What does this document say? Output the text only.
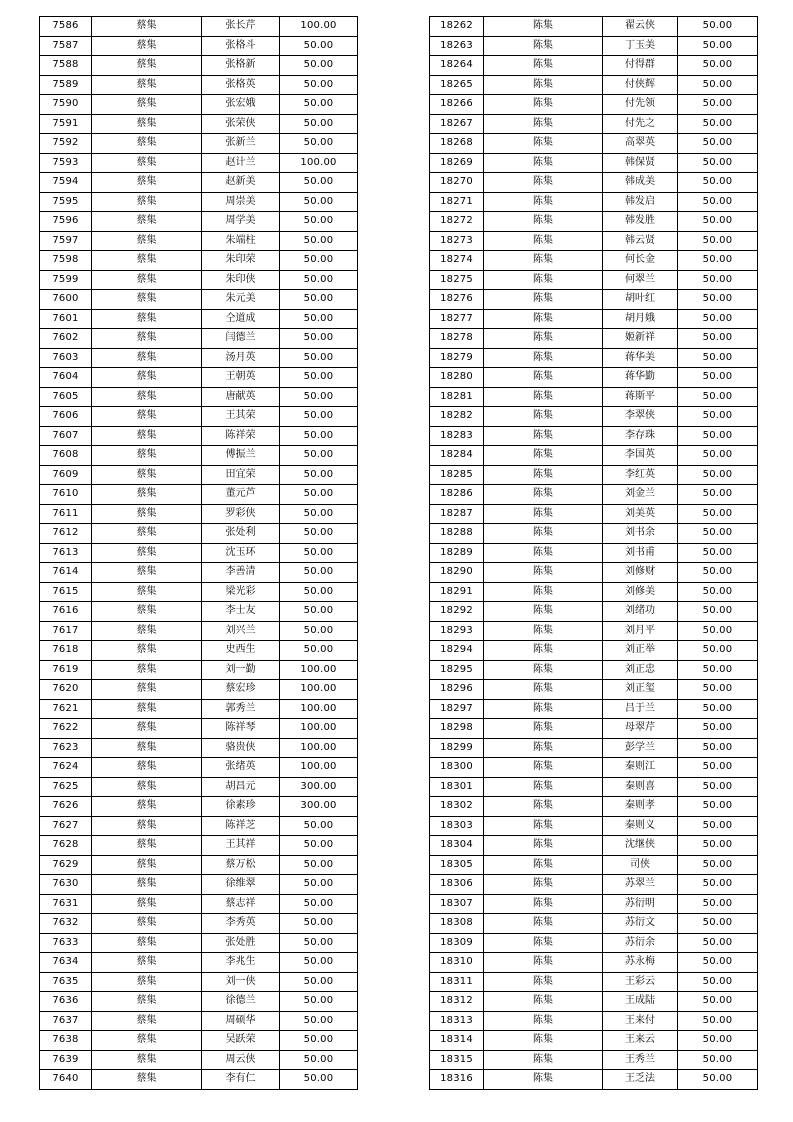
7586	蔡集	张长芹	100.00
7587	蔡集	张格斗	50.00
7588	蔡集	张格新	50.00
7589	蔡集	张格英	50.00
7590	蔡集	张宏娥	50.00
7591	蔡集	张荣侠	50.00
7592	蔡集	张新兰	50.00
7593	蔡集	赵计兰	100.00
7594	蔡集	赵新美	50.00
7595	蔡集	周崇美	50.00
7596	蔡集	周学美	50.00
7597	蔡集	朱端柱	50.00
7598	蔡集	朱印荣	50.00
7599	蔡集	朱印侠	50.00
7600	蔡集	朱元美	50.00
7601	蔡集	仝道成	50.00
7602	蔡集	闫德兰	50.00
7603	蔡集	汤月英	50.00
7604	蔡集	王朝英	50.00
7605	蔡集	唐献英	50.00
7606	蔡集	王其荣	50.00
7607	蔡集	陈祥荣	50.00
7608	蔡集	傅振兰	50.00
7609	蔡集	田宜荣	50.00
7610	蔡集	董元芦	50.00
7611	蔡集	罗彩侠	50.00
7612	蔡集	张处利	50.00
7613	蔡集	沈玉环	50.00
7614	蔡集	李善清	50.00
7615	蔡集	梁光彩	50.00
7616	蔡集	李士友	50.00
7617	蔡集	刘兴兰	50.00
7618	蔡集	史西生	50.00
7619	蔡集	刘一勤	100.00
7620	蔡集	蔡宏珍	100.00
7621	蔡集	郭秀兰	100.00
7622	蔡集	陈祥琴	100.00
7623	蔡集	骆贵侠	100.00
7624	蔡集	张绪英	100.00
7625	蔡集	胡昌元	300.00
7626	蔡集	徐素珍	300.00
7627	蔡集	陈祥芝	50.00
7628	蔡集	王其祥	50.00
7629	蔡集	蔡万松	50.00
7630	蔡集	徐维翠	50.00
7631	蔡集	蔡志祥	50.00
7632	蔡集	李秀英	50.00
7633	蔡集	张处胜	50.00
7634	蔡集	李兆生	50.00
7635	蔡集	刘一侠	50.00
7636	蔡集	徐德兰	50.00
7637	蔡集	周硕华	50.00
7638	蔡集	吴跃荣	50.00
7639	蔡集	周云侠	50.00
7640	蔡集	李有仁	50.00
18262	陈集	翟云侠	50.00
18263	陈集	丁玉美	50.00
18264	陈集	付得群	50.00
18265	陈集	付侠辉	50.00
18266	陈集	付先领	50.00
18267	陈集	付先之	50.00
18268	陈集	高翠英	50.00
18269	陈集	韩保贤	50.00
18270	陈集	韩成美	50.00
18271	陈集	韩发启	50.00
18272	陈集	韩发胜	50.00
18273	陈集	韩云贤	50.00
18274	陈集	何长金	50.00
18275	陈集	何翠兰	50.00
18276	陈集	胡叶红	50.00
18277	陈集	胡月娥	50.00
18278	陈集	姬新祥	50.00
18279	陈集	蒋华美	50.00
18280	陈集	蒋华勤	50.00
18281	陈集	蒋斯平	50.00
18282	陈集	李翠侠	50.00
18283	陈集	李存珠	50.00
18284	陈集	李国英	50.00
18285	陈集	李红英	50.00
18286	陈集	刘金兰	50.00
18287	陈集	刘美英	50.00
18288	陈集	刘书余	50.00
18289	陈集	刘书甫	50.00
18290	陈集	刘修财	50.00
18291	陈集	刘修美	50.00
18292	陈集	刘绪功	50.00
18293	陈集	刘月平	50.00
18294	陈集	刘正举	50.00
18295	陈集	刘正忠	50.00
18296	陈集	刘正玺	50.00
18297	陈集	吕于兰	50.00
18298	陈集	母翠芹	50.00
18299	陈集	彭学兰	50.00
18300	陈集	秦则江	50.00
18301	陈集	秦则喜	50.00
18302	陈集	秦则孝	50.00
18303	陈集	秦则义	50.00
18304	陈集	沈继侠	50.00
18305	陈集	司侠	50.00
18306	陈集	苏翠兰	50.00
18307	陈集	苏衍明	50.00
18308	陈集	苏衍文	50.00
18309	陈集	苏衍余	50.00
18310	陈集	苏永梅	50.00
18311	陈集	王彩云	50.00
18312	陈集	王成陆	50.00
18313	陈集	王来付	50.00
18314	陈集	王来云	50.00
18315	陈集	王秀兰	50.00
18316	陈集	王乏法	50.00
